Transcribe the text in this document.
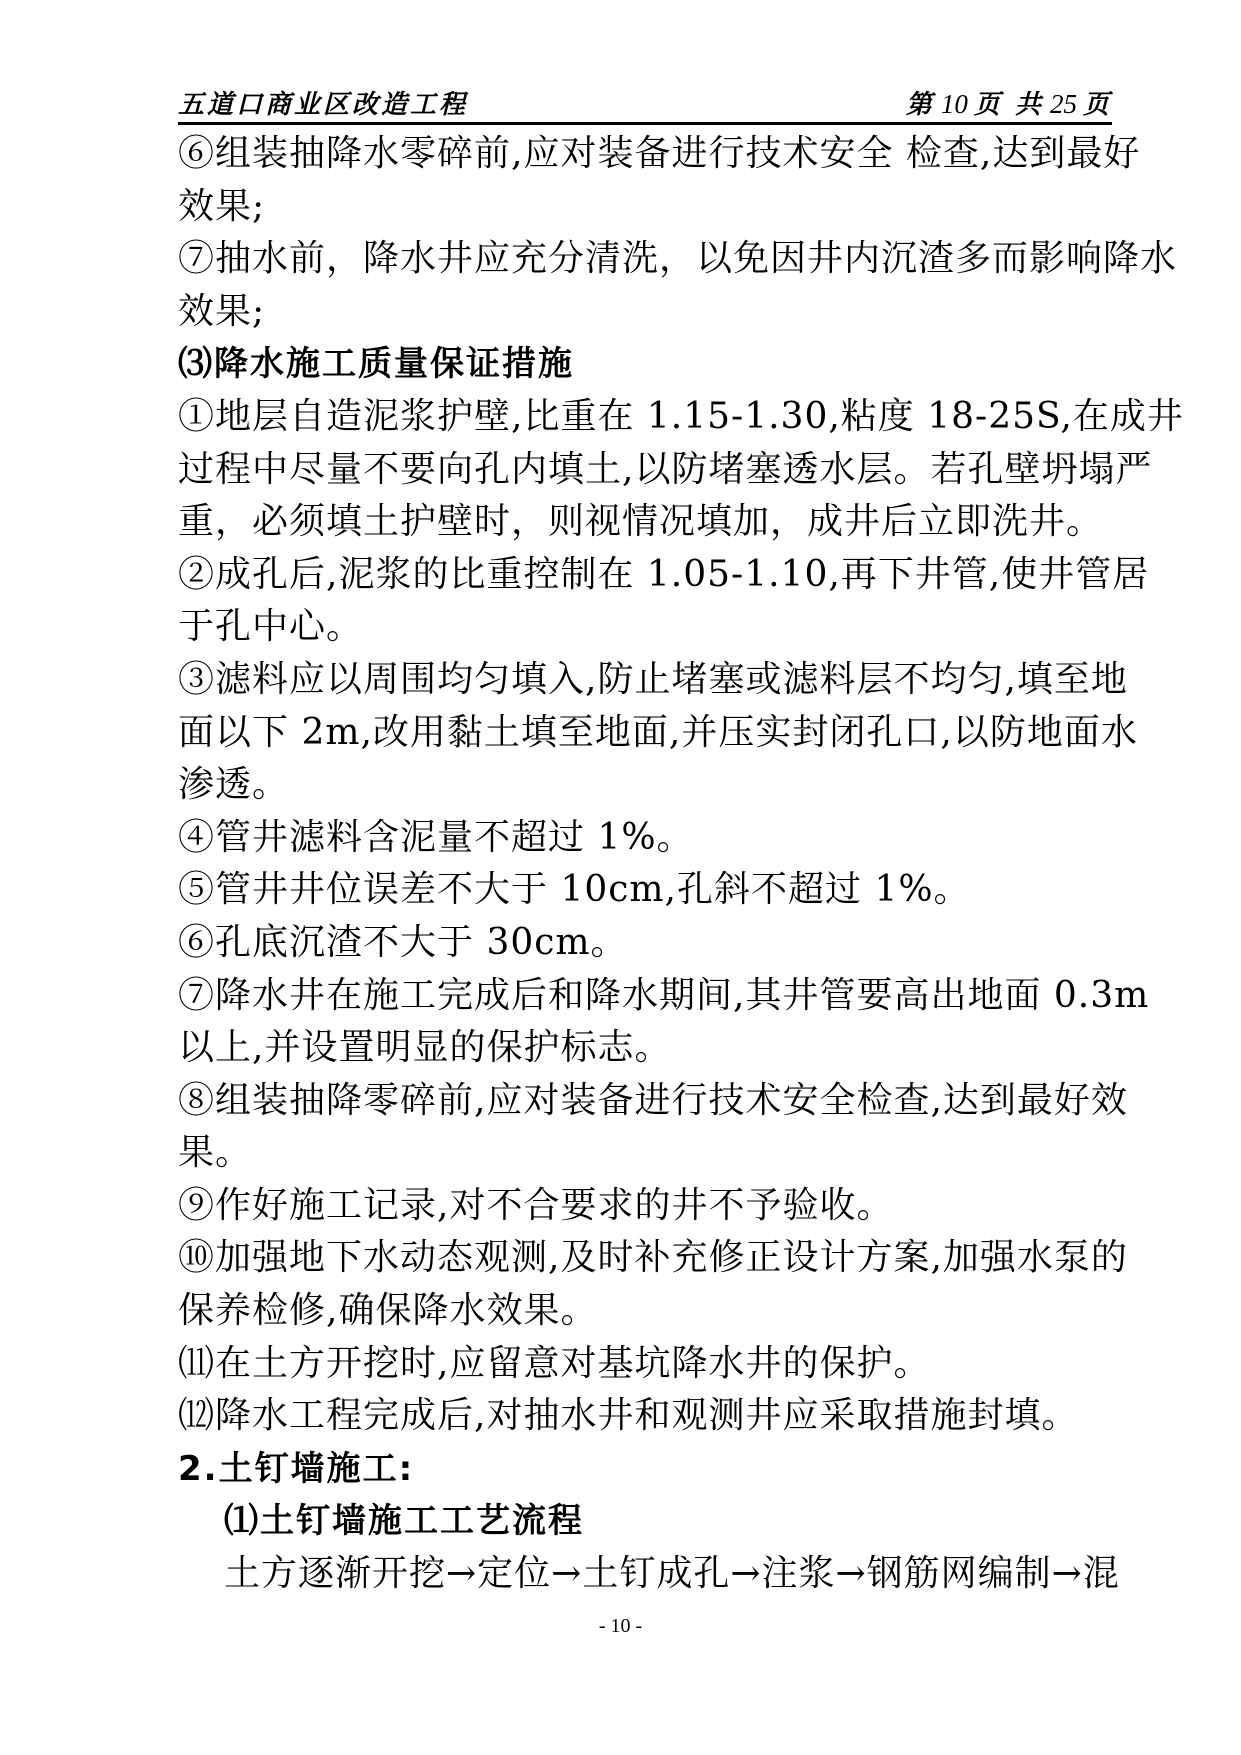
五道口商业区改造工程	第 10 页 共 25 页
⑥组装抽降水零碎前,应对装备进行技术安全 检查,达到最好
效果;
⑦抽水前，降水井应充分清洗，以免因井内沉渣多而影响降水
效果;
⑶降水施工质量保证措施
①地层自造泥浆护壁,比重在 1.15-1.30,粘度 18-25S,在成井
过程中尽量不要向孔内填土,以防堵塞透水层。若孔壁坍塌严
重，必须填土护壁时，则视情况填加，成井后立即洗井。
②成孔后,泥浆的比重控制在 1.05-1.10,再下井管,使井管居
于孔中心。
③滤料应以周围均匀填入,防止堵塞或滤料层不均匀,填至地
面以下 2m,改用黏土填至地面,并压实封闭孔口,以防地面水
渗透。
④管井滤料含泥量不超过 1%。
⑤管井井位误差不大于 10cm,孔斜不超过 1%。
⑥孔底沉渣不大于 30cm。
⑦降水井在施工完成后和降水期间,其井管要高出地面 0.3m
以上,并设置明显的保护标志。
⑧组装抽降零碎前,应对装备进行技术安全检查,达到最好效
果。
⑨作好施工记录,对不合要求的井不予验收。
⑩加强地下水动态观测,及时补充修正设计方案,加强水泵的
保养检修,确保降水效果。
⑾在土方开挖时,应留意对基坑降水井的保护。
⑿降水工程完成后,对抽水井和观测井应采取措施封填。
2.土钉墙施工:
⑴土钉墙施工工艺流程
土方逐渐开挖→定位→土钉成孔→注浆→钢筋网编制→混
- 10 -
